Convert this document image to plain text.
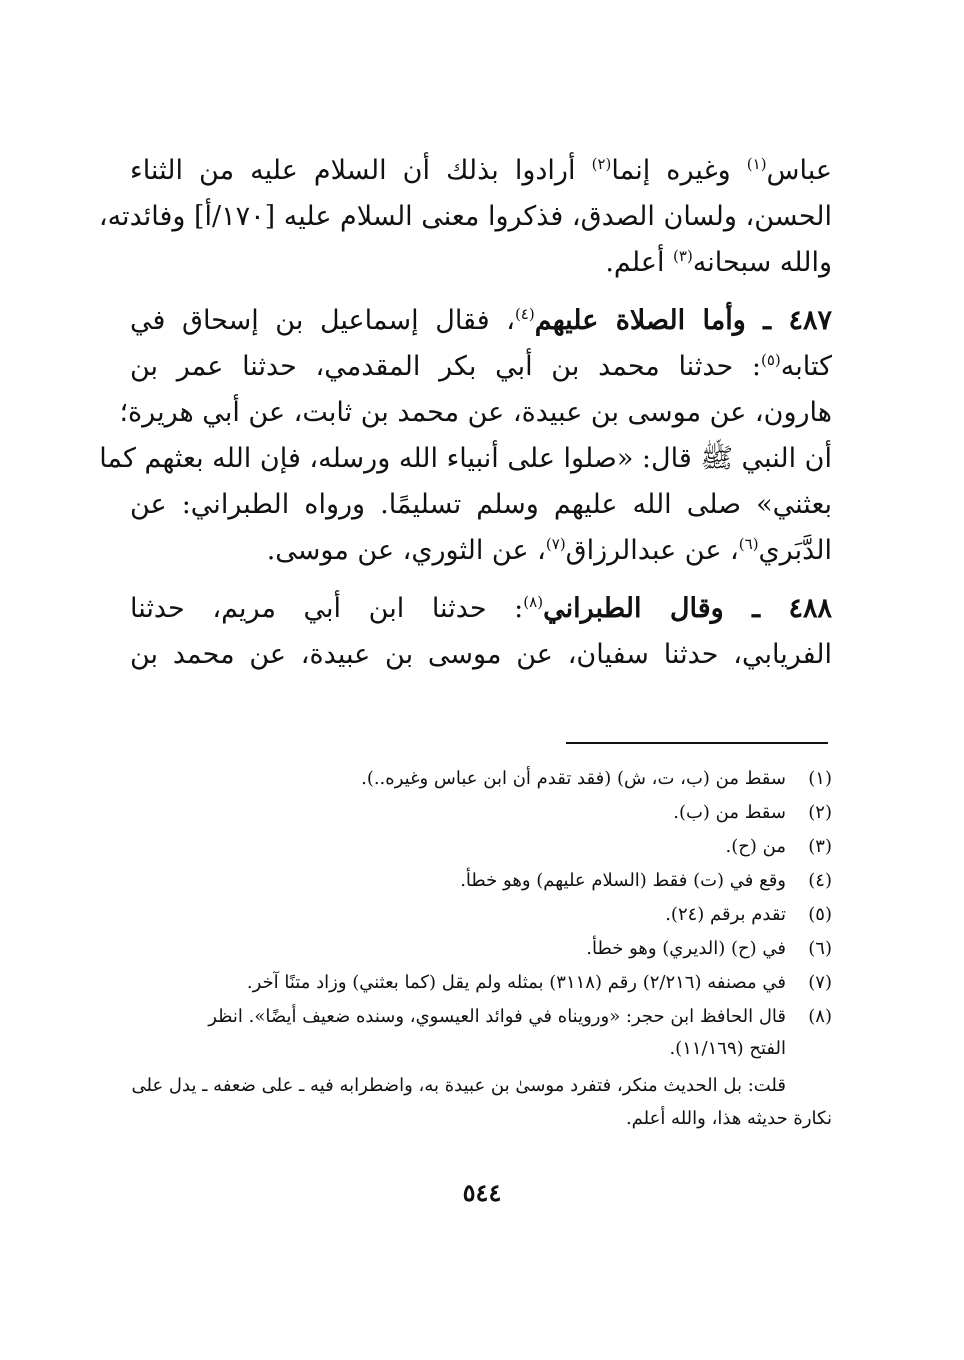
عباس$^{(١)}$ وغيره إنما$^{(٢)}$ أرادوا بذلك أن السلام عليه من الثناء
الحسن، ولسان الصدق، فذكروا معنى السلام عليه [١٧٠/أ] وفائدته،
والله سبحانه$^{(٣)}$ أعلم.
٤٨٧ ـ وأما الصلاة عليهم$^{(٤)}$، فقال إسماعيل بن إسحاق في
كتابه$^{(٥)}$: حدثنا محمد بن أبي بكر المقدمي، حدثنا عمر بن
هارون، عن موسى بن عبيدة، عن محمد بن ثابت، عن أبي هريرة؛
أن النبي ﷺ قال: «صلوا على أنبياء الله ورسله، فإن الله بعثهم كما
بعثني» صلى الله عليهم وسلم تسليمًا. ورواه الطبراني: عن
الدَّبَري$^{(٦)}$، عن عبدالرزاق$^{(٧)}$، عن الثوري، عن موسى.
٤٨٨ ـ وقال الطبراني$^{(٨)}$: حدثنا ابن أبي مريم، حدثنا
الفريابي، حدثنا سفيان، عن موسى بن عبيدة، عن محمد بن
(١)
سقط من (ب، ت، ش) (فقد تقدم أن ابن عباس وغيره..).
(٢)
سقط من (ب).
(٣)
من (ح).
(٤)
وقع في (ت) فقط (السلام عليهم) وهو خطأ.
(٥)
تقدم برقم (٢٤).
(٦)
في (ح) (الديري) وهو خطأ.
(٧)
في مصنفه (٢/٢١٦) رقم (٣١١٨) بمثله ولم يقل (كما بعثني) وزاد متنًا آخر.
(٨)
قال الحافظ ابن حجر: «ورويناه في فوائد العيسوي، وسنده ضعيف أيضًا». انظر
الفتح (١١/١٦٩).
قلت: بل الحديث منكر، فتفرد موسىٰ بن عبيدة به، واضطرابه فيه ـ على ضعفه ـ يدل على نكارة حديثه هذا، والله أعلم.
٥٤٤
